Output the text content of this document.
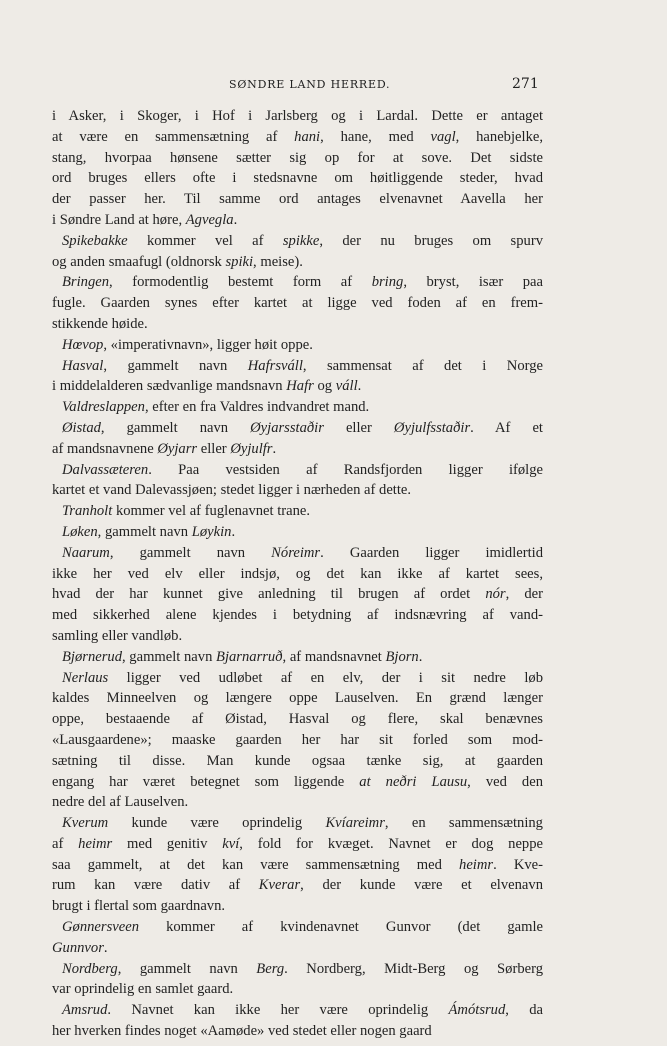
SØNDRE LAND HERRED.	271
i Asker, i Skoger, i Hof i Jarlsberg og i Lardal. Dette er antaget
at være en sammensætning af hani, hane, med vagl, hanebjelke,
stang, hvorpaa hønsene sætter sig op for at sove. Det sidste
ord bruges ellers ofte i stedsnavne om høitliggende steder, hvad
der passer her. Til samme ord antages elvenavnet Aavella her
i Søndre Land at høre, Agvegla.
Spikebakke kommer vel af spikke, der nu bruges om spurv
og anden smaafugl (oldnorsk spiki, meise).
Bringen, formodentlig bestemt form af bring, bryst, især paa
fugle. Gaarden synes efter kartet at ligge ved foden af en frem-
stikkende høide.
Hœvop, «imperativnavn», ligger høit oppe.
Hasval, gammelt navn Hafrsváll, sammensat af det i Norge
i middelalderen sædvanlige mandsnavn Hafr og váll.
Valdreslappen, efter en fra Valdres indvandret mand.
Øistad, gammelt navn Øyjarsstaðir eller Øyjulfsstaðir. Af et
af mandsnavnene Øyjarr eller Øyjulfr.
Dalvassæteren. Paa vestsiden af Randsfjorden ligger ifølge
kartet et vand Dalevassjøen; stedet ligger i nærheden af dette.
Tranholt kommer vel af fuglenavnet trane.
Løken, gammelt navn Løykin.
Naarum, gammelt navn Nóreimr. Gaarden ligger imidlertid
ikke her ved elv eller indsjø, og det kan ikke af kartet sees,
hvad der har kunnet give anledning til brugen af ordet nór, der
med sikkerhed alene kjendes i betydning af indsnævring af vand-
samling eller vandløb.
Bjørnerud, gammelt navn Bjarnarruð, af mandsnavnet Bjorn.
Nerlaus ligger ved udløbet af en elv, der i sit nedre løb
kaldes Minneelven og længere oppe Lauselven. En grænd længer
oppe, bestaaende af Øistad, Hasval og flere, skal benævnes
«Lausgaardene»; maaske gaarden her har sit forled som mod-
sætning til disse. Man kunde ogsaa tænke sig, at gaarden
engang har været betegnet som liggende at neðri Lausu, ved den
nedre del af Lauselven.
Kverum kunde være oprindelig Kvíareimr, en sammensætning
af heimr med genitiv kví, fold for kvæget. Navnet er dog neppe
saa gammelt, at det kan være sammensætning med heimr. Kve-
rum kan være dativ af Kverar, der kunde være et elvenavn
brugt i flertal som gaardnavn.
Gønnersveen kommer af kvindenavnet Gunvor (det gamle
Gunnvor.
Nordberg, gammelt navn Berg. Nordberg, Midt-Berg og Sørberg
var oprindelig en samlet gaard.
Amsrud. Navnet kan ikke her være oprindelig Ámótsrud, da
her hverken findes noget «Aamøde» ved stedet eller nogen gaard
